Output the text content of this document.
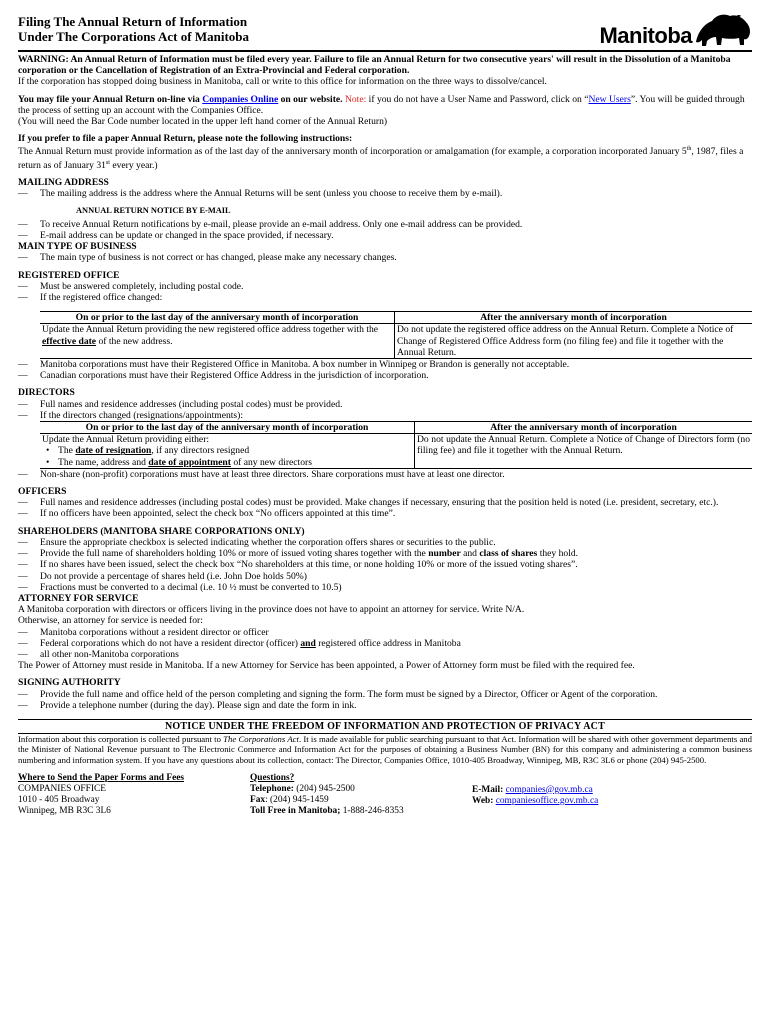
Filing The Annual Return of Information
Under The Corporations Act of Manitoba	Manitoba

WARNING: An Annual Return of Information must be filed every year. Failure to file an Annual Return for two consecutive years' will result in the Dissolution of a Manitoba corporation or the Cancellation of Registration of an Extra-Provincial and Federal corporation.

If the corporation has stopped doing business in Manitoba, call or write to this office for information on the three ways to dissolve/cancel.

You may file your Annual Return on-line via Companies Online on our website. Note: if you do not have a User Name and Password, click on “New Users”. You will be guided through the process of setting up an account with the Companies Office.

(You will need the Bar Code number located in the upper left hand corner of the Annual Return)

If you prefer to file a paper Annual Return, please note the following instructions:

The Annual Return must provide information as of the last day of the anniversary month of incorporation or amalgamation (for example, a corporation incorporated January 5th, 1987, files a return as of January 31st every year.)

MAILING ADDRESS

— The mailing address is the address where the Annual Returns will be sent (unless you choose to receive them by e-mail).

ANNUAL RETURN NOTICE BY E-MAIL

— To receive Annual Return notifications by e-mail, please provide an e-mail address. Only one e-mail address can be provided.

— E-mail address can be update or changed in the space provided, if necessary.

MAIN TYPE OF BUSINESS

— The main type of business is not correct or has changed, please make any necessary changes.

REGISTERED OFFICE

— Must be answered completely, including postal code.

— If the registered office changed:

On or prior to the last day of the anniversary month of incorporation	After the anniversary month of incorporation
Update the Annual Return providing the new registered office address together with the effective date of the new address.	Do not update the registered office address on the Annual Return. Complete a Notice of Change of Registered Office Address form (no filing fee) and file it together with the Annual Return.

— Manitoba corporations must have their Registered Office in Manitoba. A box number in Winnipeg or Brandon is generally not acceptable.

— Canadian corporations must have their Registered Office Address in the jurisdiction of incorporation.

DIRECTORS

— Full names and residence addresses (including postal codes) must be provided.

— If the directors changed (resignations/appointments):

On or prior to the last day of the anniversary month of incorporation	After the anniversary month of incorporation

Update the Annual Return providing either:
• The date of resignation, if any directors resigned
• The name, address and date of appointment of any new directors	Do not update the Annual Return. Complete a Notice of Change of Directors form (no filing fee) and file it together with the Annual Return.

— Non-share (non-profit) corporations must have at least three directors. Share corporations must have at least one director.

OFFICERS

— Full names and residence addresses (including postal codes) must be provided. Make changes if necessary, ensuring that the position held is noted (i.e. president, secretary, etc.).

— If no officers have been appointed, select the check box “No officers appointed at this time”.

SHAREHOLDERS (MANITOBA SHARE CORPORATIONS ONLY)

— Ensure the appropriate checkbox is selected indicating whether the corporation offers shares or securities to the public.

— Provide the full name of shareholders holding 10% or more of issued voting shares together with the number and class of shares they hold.

— If no shares have been issued, select the check box “No shareholders at this time, or none holding 10% or more of the issued voting shares”.

— Do not provide a percentage of shares held (i.e. John Doe holds 50%)

— Fractions must be converted to a decimal (i.e. 10 ½ must be converted to 10.5)

ATTORNEY FOR SERVICE

A Manitoba corporation with directors or officers living in the province does not have to appoint an attorney for service. Write N/A.

Otherwise, an attorney for service is needed for:

— Manitoba corporations without a resident director or officer

— Federal corporations which do not have a resident director (officer) and registered office address in Manitoba

— all other non-Manitoba corporations

The Power of Attorney must reside in Manitoba. If a new Attorney for Service has been appointed, a Power of Attorney form must be filed with the required fee.

SIGNING AUTHORITY

— Provide the full name and office held of the person completing and signing the form. The form must be signed by a Director, Officer or Agent of the corporation.

— Provide a telephone number (during the day). Please sign and date the form in ink.

NOTICE UNDER THE FREEDOM OF INFORMATION AND PROTECTION OF PRIVACY ACT

Information about this corporation is collected pursuant to The Corporations Act. It is made available for public searching pursuant to that Act. Information will be shared with other government departments and the Minister of National Revenue pursuant to The Electronic Commerce and Information Act for the purposes of obtaining a Business Number (BN) for this company and administering a common business numbering and information system. If you have any questions about its collection, contact: The Director, Companies Office, 1010-405 Broadway, Winnipeg, MB, R3C 3L6 or phone (204) 945-2500.

Where to Send the Paper Forms and Fees
COMPANIES OFFICE
1010 - 405 Broadway
Winnipeg, MB R3C 3L6
Questions?
Telephone: (204) 945-2500
Fax: (204) 945-1459
Toll Free in Manitoba; 1-888-246-8353
E-Mail: companies@gov.mb.ca
Web: companiesoffice.gov.mb.ca
